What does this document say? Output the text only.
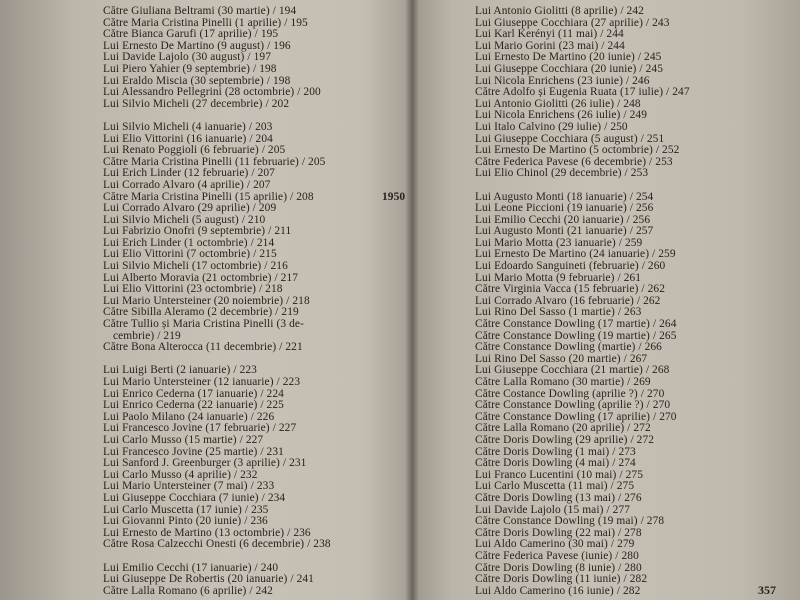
Către Giuliana Beltrami (30 martie) / 194
Către Maria Cristina Pinelli (1 aprilie) / 195
Către Bianca Garufi (17 aprilie) / 195
Lui Ernesto De Martino (9 august) / 196
Lui Davide Lajolo (30 august) / 197
Lui Piero Yahier (9 septembrie) / 198
Lui Eraldo Miscia (30 septembrie) / 198
Lui Alessandro Pellegrini (28 octombrie) / 200
Lui Silvio Micheli (27 decembrie) / 202
Lui Silvio Micheli (4 ianuarie) / 203
Lui Elio Vittorini (16 ianuarie) / 204
Lui Renato Poggioli (6 februarie) / 205
Către Maria Cristina Pinelli (11 februarie) / 205
Lui Erich Linder (12 februarie) / 207
Lui Corrado Alvaro (4 aprilie) / 207
Către Maria Cristina Pinelli (15 aprilie) / 208
Lui Corrado Alvaro (29 aprilie) / 209
Lui Silvio Micheli (5 august) / 210
Lui Fabrizio Onofri (9 septembrie) / 211
Lui Erich Linder (1 octombrie) / 214
Lui Elio Vittorini (7 octombrie) / 215
Lui Silvio Micheli (17 octombrie) / 216
Lui Alberto Moravia (21 octombrie) / 217
Lui Elio Vittorini (23 octombrie) / 218
Lui Mario Untersteiner (20 noiembrie) / 218
Către Sibilla Aleramo (2 decembrie) / 219
Către Tullio și Maria Cristina Pinelli (3 de-
cembrie) / 219
Către Bona Alterocca (11 decembrie) / 221
Lui Luigi Berti (2 ianuarie) / 223
Lui Mario Untersteiner (12 ianuarie) / 223
Lui Enrico Cederna (17 ianuarie) / 224
Lui Enrico Cederna (22 ianuarie) / 225
Lui Paolo Milano (24 ianuarie) / 226
Lui Francesco Jovine (17 februarie) / 227
Lui Carlo Musso (15 martie) / 227
Lui Francesco Jovine (25 martie) / 231
Lui Sanford J. Greenburger (3 aprilie) / 231
Lui Carlo Musso (4 aprilie) / 232
Lui Mario Untersteiner (7 mai) / 233
Lui Giuseppe Cocchiara (7 iunie) / 234
Lui Carlo Muscetta (17 iunie) / 235
Lui Giovanni Pinto (20 iunie) / 236
Lui Ernesto de Martino (13 octombrie) / 236
Către Rosa Calzecchi Onesti (6 decembrie) / 238
Lui Emilio Cecchi (17 ianuarie) / 240
Lui Giuseppe De Robertis (20 ianuarie) / 241
Către Lalla Romano (6 aprilie) / 242
Lui Antonio Giolitti (8 aprilie) / 242
Lui Giuseppe Cocchiara (27 aprilie) / 243
Lui Karl Kerényi (11 mai) / 244
Lui Mario Gorini (23 mai) / 244
Lui Ernesto De Martino (20 iunie) / 245
Lui Giuseppe Cocchiara (20 iunie) / 245
Lui Nicola Enrichens (23 iunie) / 246
Către Adolfo și Eugenia Ruata (17 iulie) / 247
Lui Antonio Giolitti (26 iulie) / 248
Lui Nicola Enrichens (26 iulie) / 249
Lui Italo Calvino (29 iulie) / 250
Lui Giuseppe Cocchiara (5 august) / 251
Lui Ernesto De Martino (5 octombrie) / 252
Către Federica Pavese (6 decembrie) / 253
Lui Elio Chinol (29 decembrie) / 253
1950	Lui Augusto Monti (18 ianuarie) / 254
Lui Leone Piccioni (19 ianuarie) / 256
Lui Emilio Cecchi (20 ianuarie) / 256
Lui Augusto Monti (21 ianuarie) / 257
Lui Mario Motta (23 ianuarie) / 259
Lui Ernesto De Martino (24 ianuarie) / 259
Lui Edoardo Sanguineti (februarie) / 260
Lui Mario Motta (9 februarie) / 261
Către Virginia Vacca (15 februarie) / 262
Lui Corrado Alvaro (16 februarie) / 262
Lui Rino Del Sasso (1 martie) / 263
Către Constance Dowling (17 martie) / 264
Către Constance Dowling (19 martie) / 265
Către Constance Dowling (martie) / 266
Lui Rino Del Sasso (20 martie) / 267
Lui Giuseppe Cocchiara (21 martie) / 268
Către Lalla Romano (30 martie) / 269
Către Costance Dowling (aprilie ?) / 270
Către Constance Dowling (aprilie ?) / 270
Către Constance Dowling (17 aprilie) / 270
Către Lalla Romano (20 aprilie) / 272
Către Doris Dowling (29 aprilie) / 272
Către Doris Dowling (1 mai) / 273
Către Doris Dowling (4 mai) / 274
Lui Franco Lucentini (10 mai) / 275
Lui Carlo Muscetta (11 mai) / 275
Către Doris Dowling (13 mai) / 276
Lui Davide Lajolo (15 mai) / 277
Către Constance Dowling (19 mai) / 278
Către Doris Dowling (22 mai) / 278
Lui Aldo Camerino (30 mai) / 279
Către Federica Pavese (iunie) / 280
Către Doris Dowling (8 iunie) / 280
Către Doris Dowling (11 iunie) / 282
Lui Aldo Camerino (16 iunie) / 282	357
